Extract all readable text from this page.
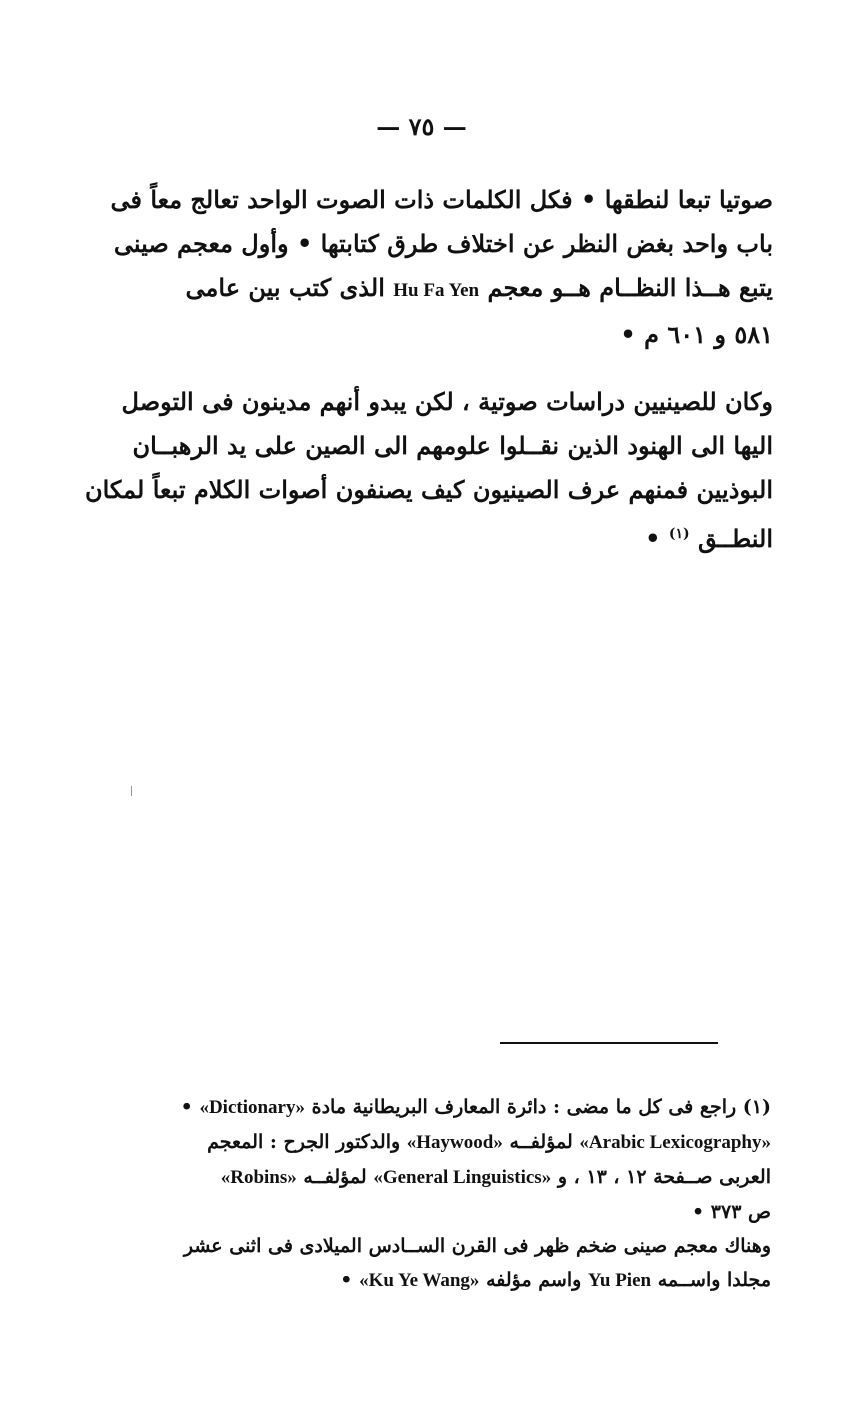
— ٧٥ —
صوتيا تبعا لنطقها • فكل الكلمات ذات الصوت الواحد تعالج معاً فى
باب واحد بغض النظر عن اختلاف طرق كتابتها • وأول معجم صينى
يتبع هــذا النظــام هــو معجم Hu Fa Yen الذى كتب بين عامى
٥٨١ و ٦٠١ م •
وكان للصينيين دراسات صوتية ، لكن يبدو أنهم مدينون فى التوصل
اليها الى الهنود الذين نقــلوا علومهم الى الصين على يد الرهبــان
البوذيين فمنهم عرف الصينيون كيف يصنفون أصوات الكلام تبعاً لمكان
النطــق $^{(١)}$ •
(١) راجع فى كل ما مضى : دائرة المعارف البريطانية مادة «Dictionary» •
«Arabic Lexicography» لمؤلفــه «Haywood» والدكتور الجرح : المعجم
العربى صــفحة ١٢ ، ١٣ ، و «General Linguistics» لمؤلفــه «Robins»
ص ٣٧٣ •
وهناك معجم صينى ضخم ظهر فى القرن الســادس الميلادى فى اثنى عشر
مجلدا واســمه Yu Pien واسم مؤلفه «Ku Ye Wang» •
